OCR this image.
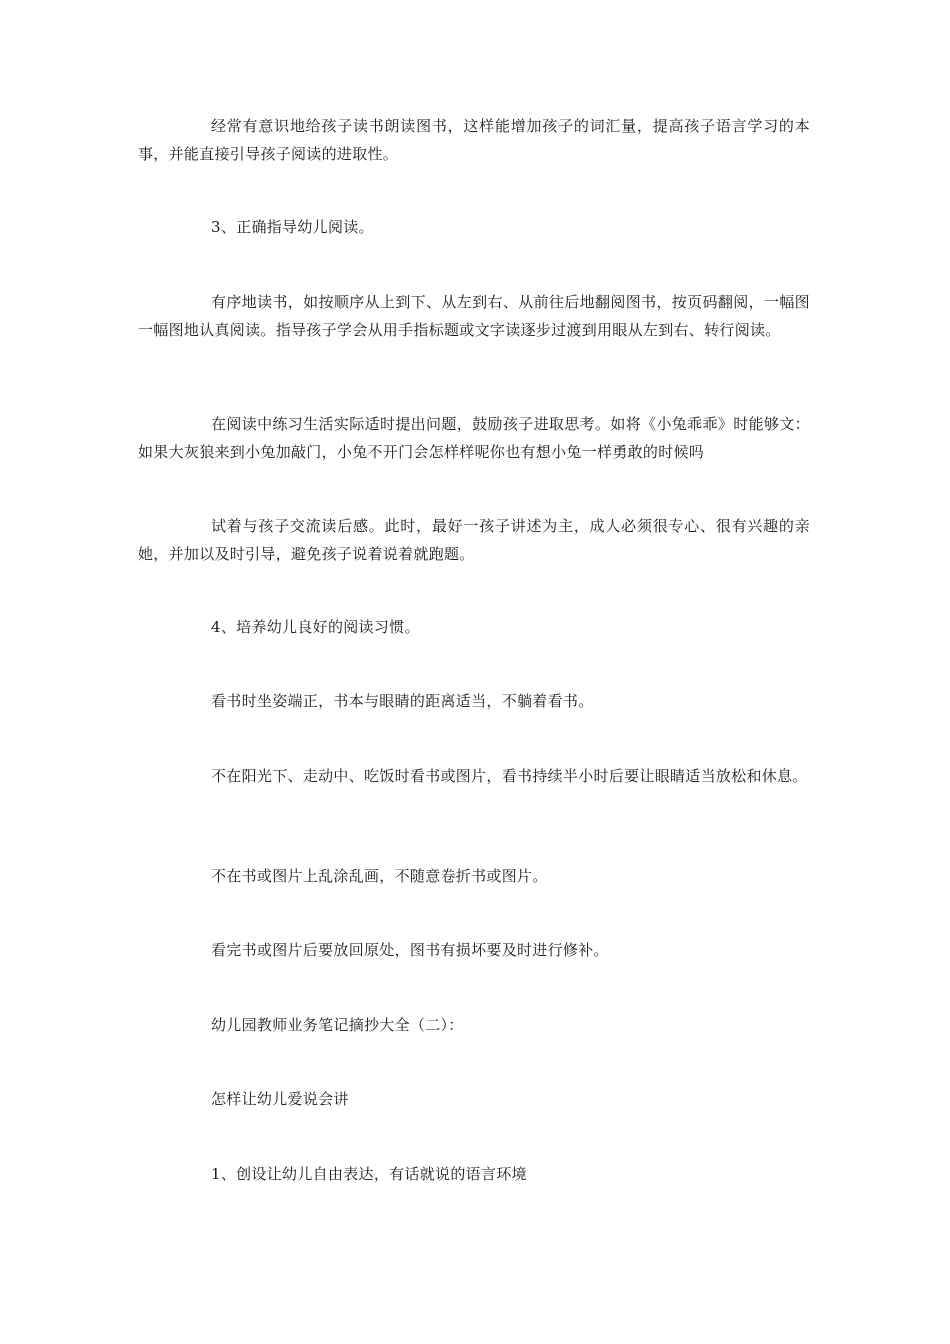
经常有意识地给孩子读书朗读图书，这样能增加孩子的词汇量，提高孩子语言学习的本事，并能直接引导孩子阅读的进取性。

3、正确指导幼儿阅读。

有序地读书，如按顺序从上到下、从左到右、从前往后地翻阅图书，按页码翻阅，一幅图一幅图地认真阅读。指导孩子学会从用手指标题或文字读逐步过渡到用眼从左到右、转行阅读。

在阅读中练习生活实际适时提出问题，鼓励孩子进取思考。如将《小兔乖乖》时能够文：如果大灰狼来到小兔加敲门，小兔不开门会怎样样呢你也有想小兔一样勇敢的时候吗

试着与孩子交流读后感。此时，最好一孩子讲述为主，成人必须很专心、很有兴趣的亲她，并加以及时引导，避免孩子说着说着就跑题。

4、培养幼儿良好的阅读习惯。

看书时坐姿端正，书本与眼睛的距离适当，不躺着看书。

不在阳光下、走动中、吃饭时看书或图片，看书持续半小时后要让眼睛适当放松和休息。

不在书或图片上乱涂乱画，不随意卷折书或图片。

看完书或图片后要放回原处，图书有损坏要及时进行修补。

幼儿园教师业务笔记摘抄大全（二）：

怎样让幼儿爱说会讲

1、创设让幼儿自由表达，有话就说的语言环境
